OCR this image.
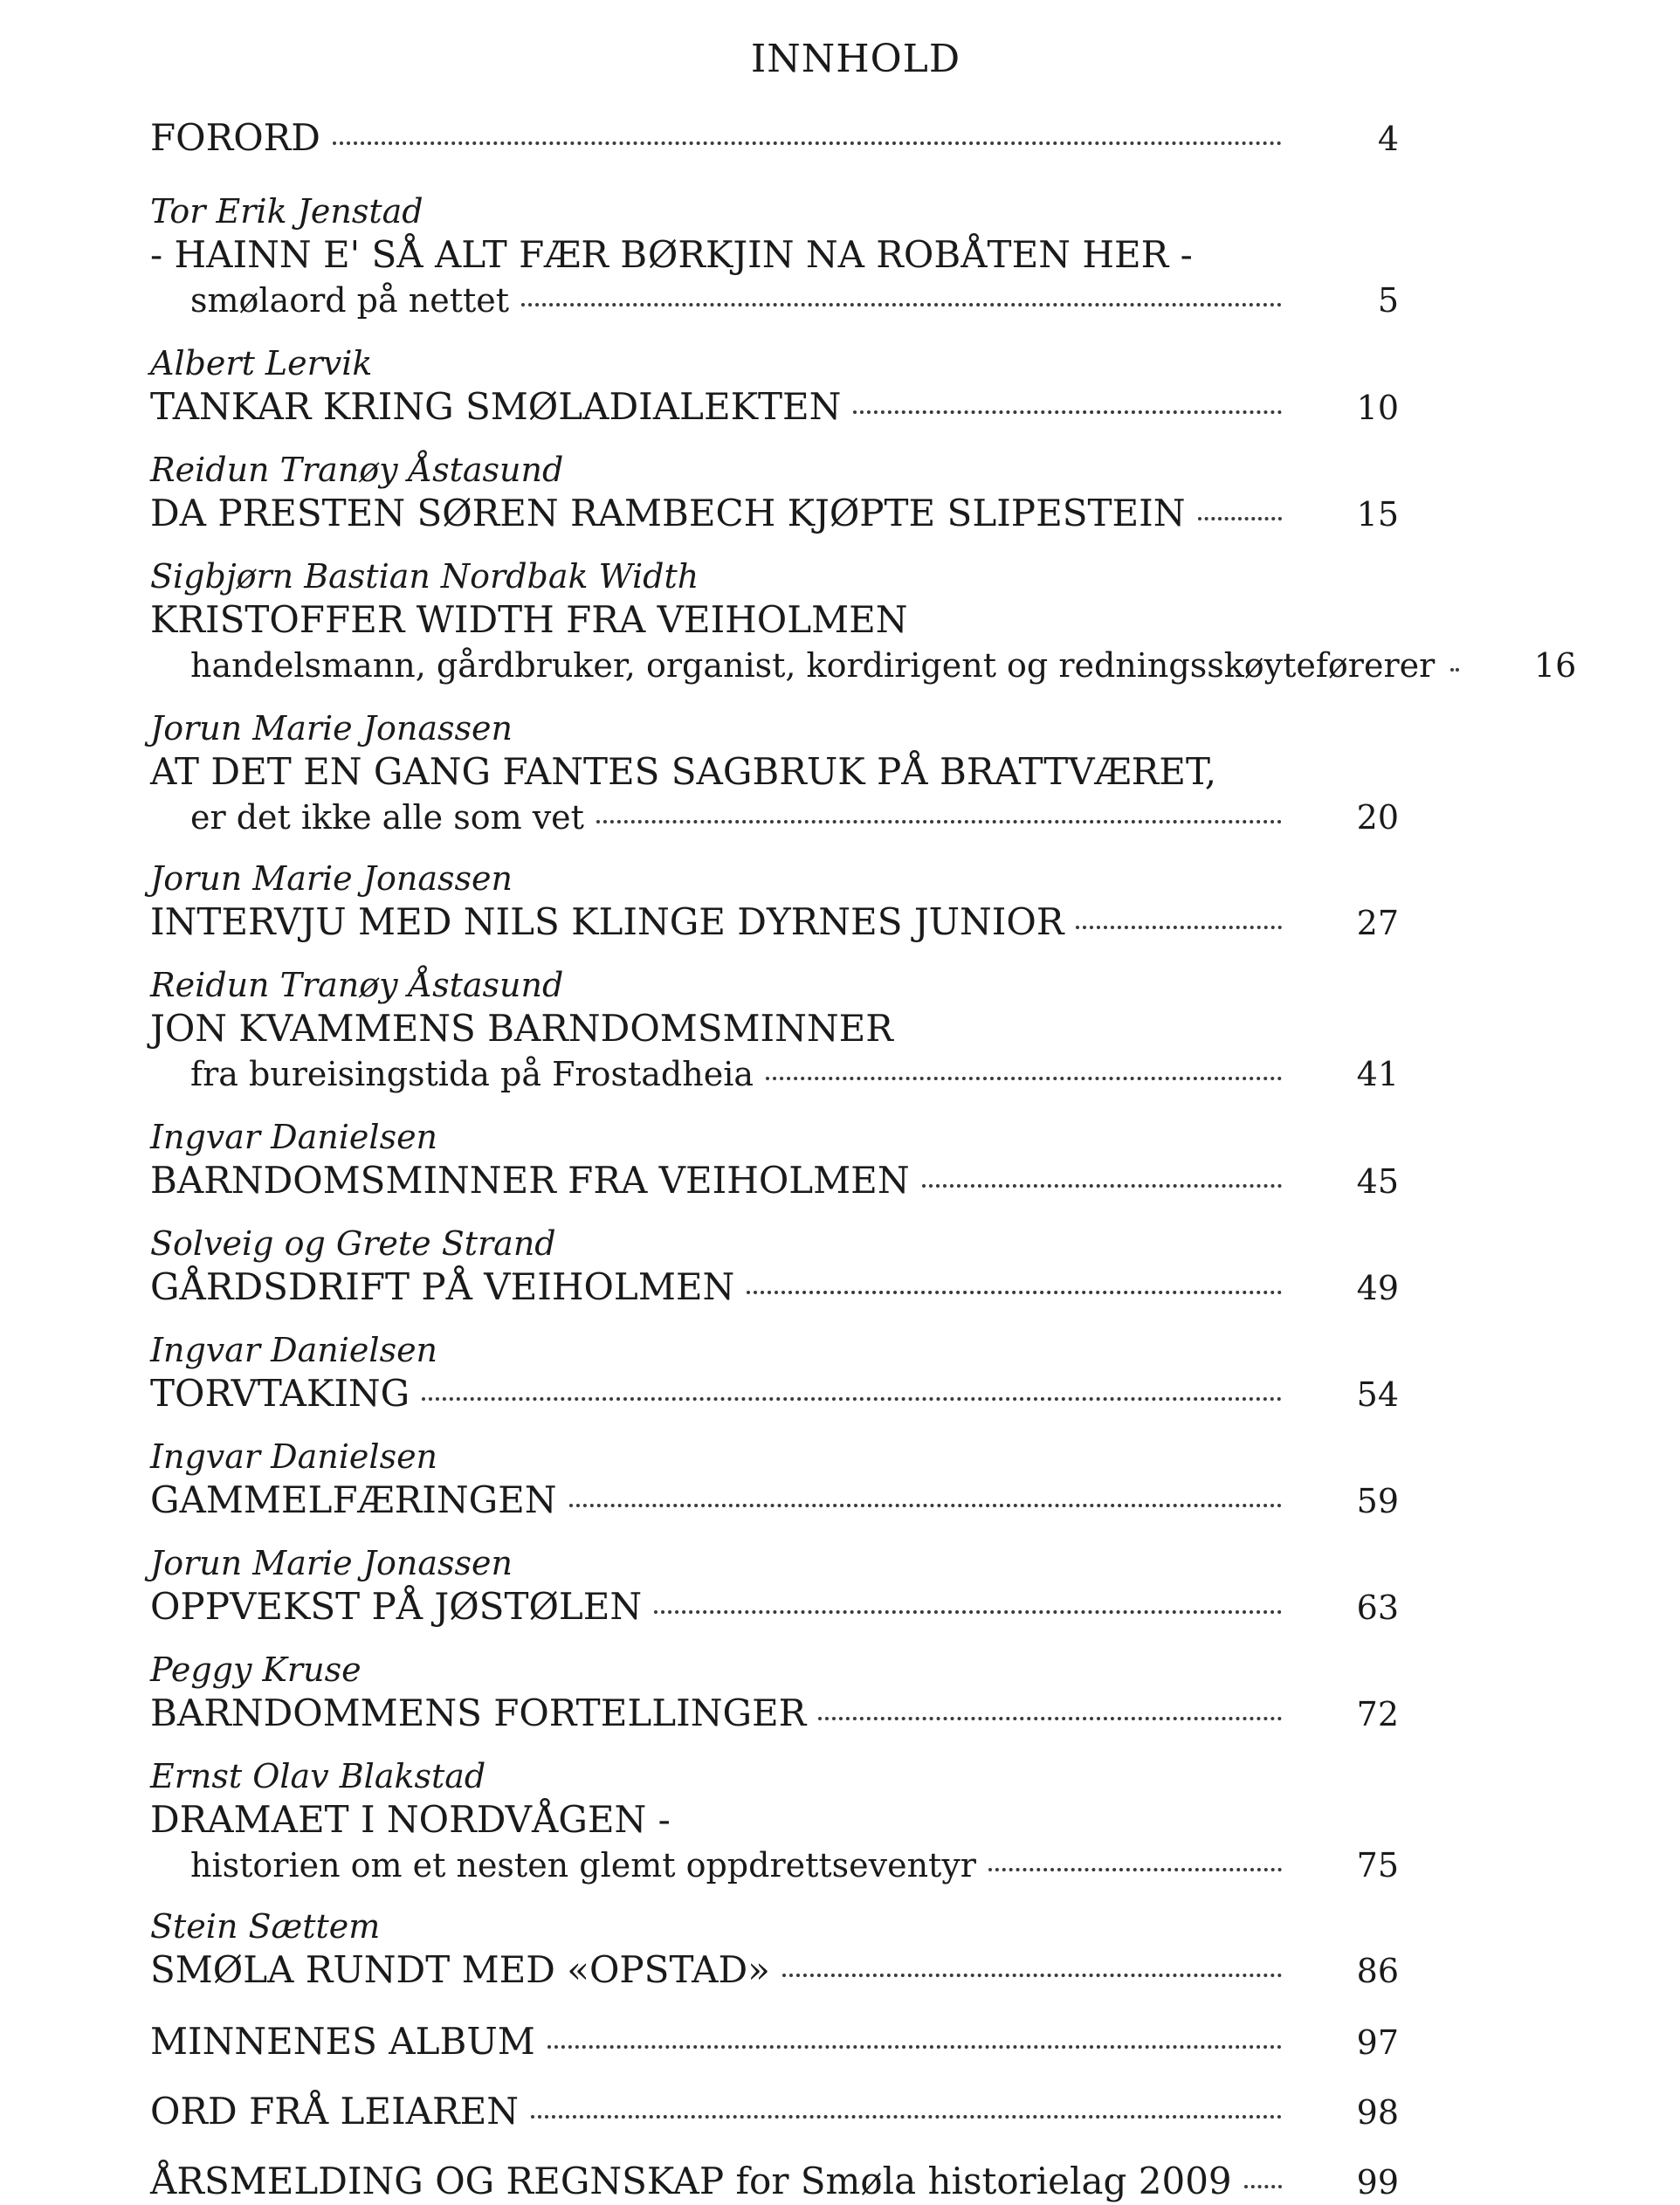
INNHOLD
FORORD	4
Tor Erik Jenstad
- HAINN E' SÅ ALT FÆR BØRKJIN NA ROBÅTEN HER -
smølaord på nettet	5
Albert Lervik
TANKAR KRING SMØLADIALEKTEN	10
Reidun Tranøy Åstasund
DA PRESTEN SØREN RAMBECH KJØPTE SLIPESTEIN	15
Sigbjørn Bastian Nordbak Width
KRISTOFFER WIDTH FRA VEIHOLMEN
handelsmann, gårdbruker, organist, kordirigent og redningsskøyteførerer	16
Jorun Marie Jonassen
AT DET EN GANG FANTES SAGBRUK PÅ BRATTVÆRET,
er det ikke alle som vet	20
Jorun Marie Jonassen
INTERVJU MED NILS KLINGE DYRNES JUNIOR	27
Reidun Tranøy Åstasund
JON KVAMMENS BARNDOMSMINNER
fra bureisingstida på Frostadheia	41
Ingvar Danielsen
BARNDOMSMINNER FRA VEIHOLMEN	45
Solveig og Grete Strand
GÅRDSDRIFT PÅ VEIHOLMEN	49
Ingvar Danielsen
TORVTAKING	54
Ingvar Danielsen
GAMMELFÆRINGEN	59
Jorun Marie Jonassen
OPPVEKST PÅ JØSTØLEN	63
Peggy Kruse
BARNDOMMENS FORTELLINGER	72
Ernst Olav Blakstad
DRAMAET I NORDVÅGEN -
historien om et nesten glemt oppdrettseventyr	75
Stein Sættem
SMØLA RUNDT MED «OPSTAD»	86
MINNENES ALBUM	97
ORD FRÅ LEIAREN	98
ÅRSMELDING OG REGNSKAP for Smøla historielag 2009	99
